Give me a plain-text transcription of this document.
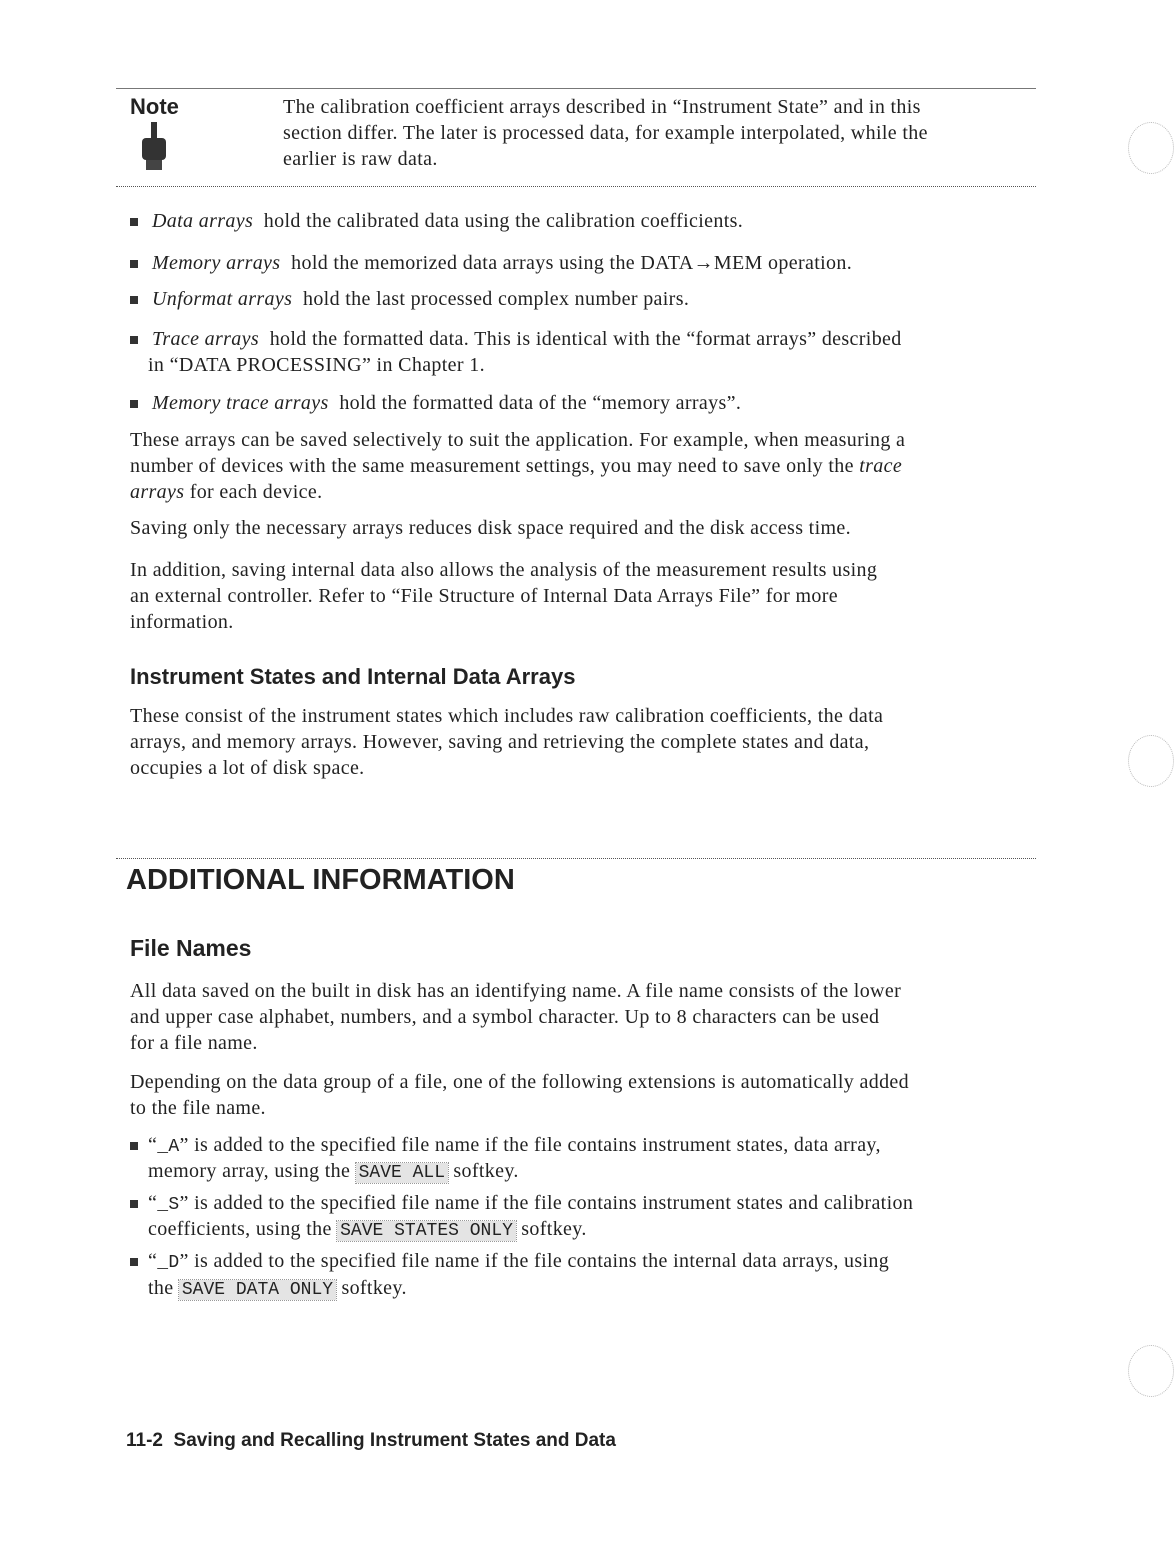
Note	The calibration coefficient arrays described in “Instrument State” and in this
section differ. The later is processed data, for example interpolated, while the
earlier is raw data.
Data arrays hold the calibrated data using the calibration coefficients.
Memory arrays hold the memorized data arrays using the DATA→MEM operation.
Unformat arrays hold the last processed complex number pairs.
Trace arrays hold the formatted data. This is identical with the “format arrays” described
in “DATA PROCESSING” in Chapter 1.
Memory trace arrays hold the formatted data of the “memory arrays”.
These arrays can be saved selectively to suit the application. For example, when measuring a
number of devices with the same measurement settings, you may need to save only the trace
arrays for each device.
Saving only the necessary arrays reduces disk space required and the disk access time.
In addition, saving internal data also allows the analysis of the measurement results using
an external controller. Refer to “File Structure of Internal Data Arrays File” for more
information.
Instrument States and Internal Data Arrays
These consist of the instrument states which includes raw calibration coefficients, the data
arrays, and memory arrays. However, saving and retrieving the complete states and data,
occupies a lot of disk space.
ADDITIONAL INFORMATION
File Names
All data saved on the built in disk has an identifying name. A file name consists of the lower
and upper case alphabet, numbers, and a symbol character. Up to 8 characters can be used
for a file name.
Depending on the data group of a file, one of the following extensions is automatically added
to the file name.
“_A” is added to the specified file name if the file contains instrument states, data array,
memory array, using the SAVE ALL softkey.
“_S” is added to the specified file name if the file contains instrument states and calibration
coefficients, using the SAVE STATES ONLY softkey.
“_D” is added to the specified file name if the file contains the internal data arrays, using
the SAVE DATA ONLY softkey.
11-2 Saving and Recalling Instrument States and Data
